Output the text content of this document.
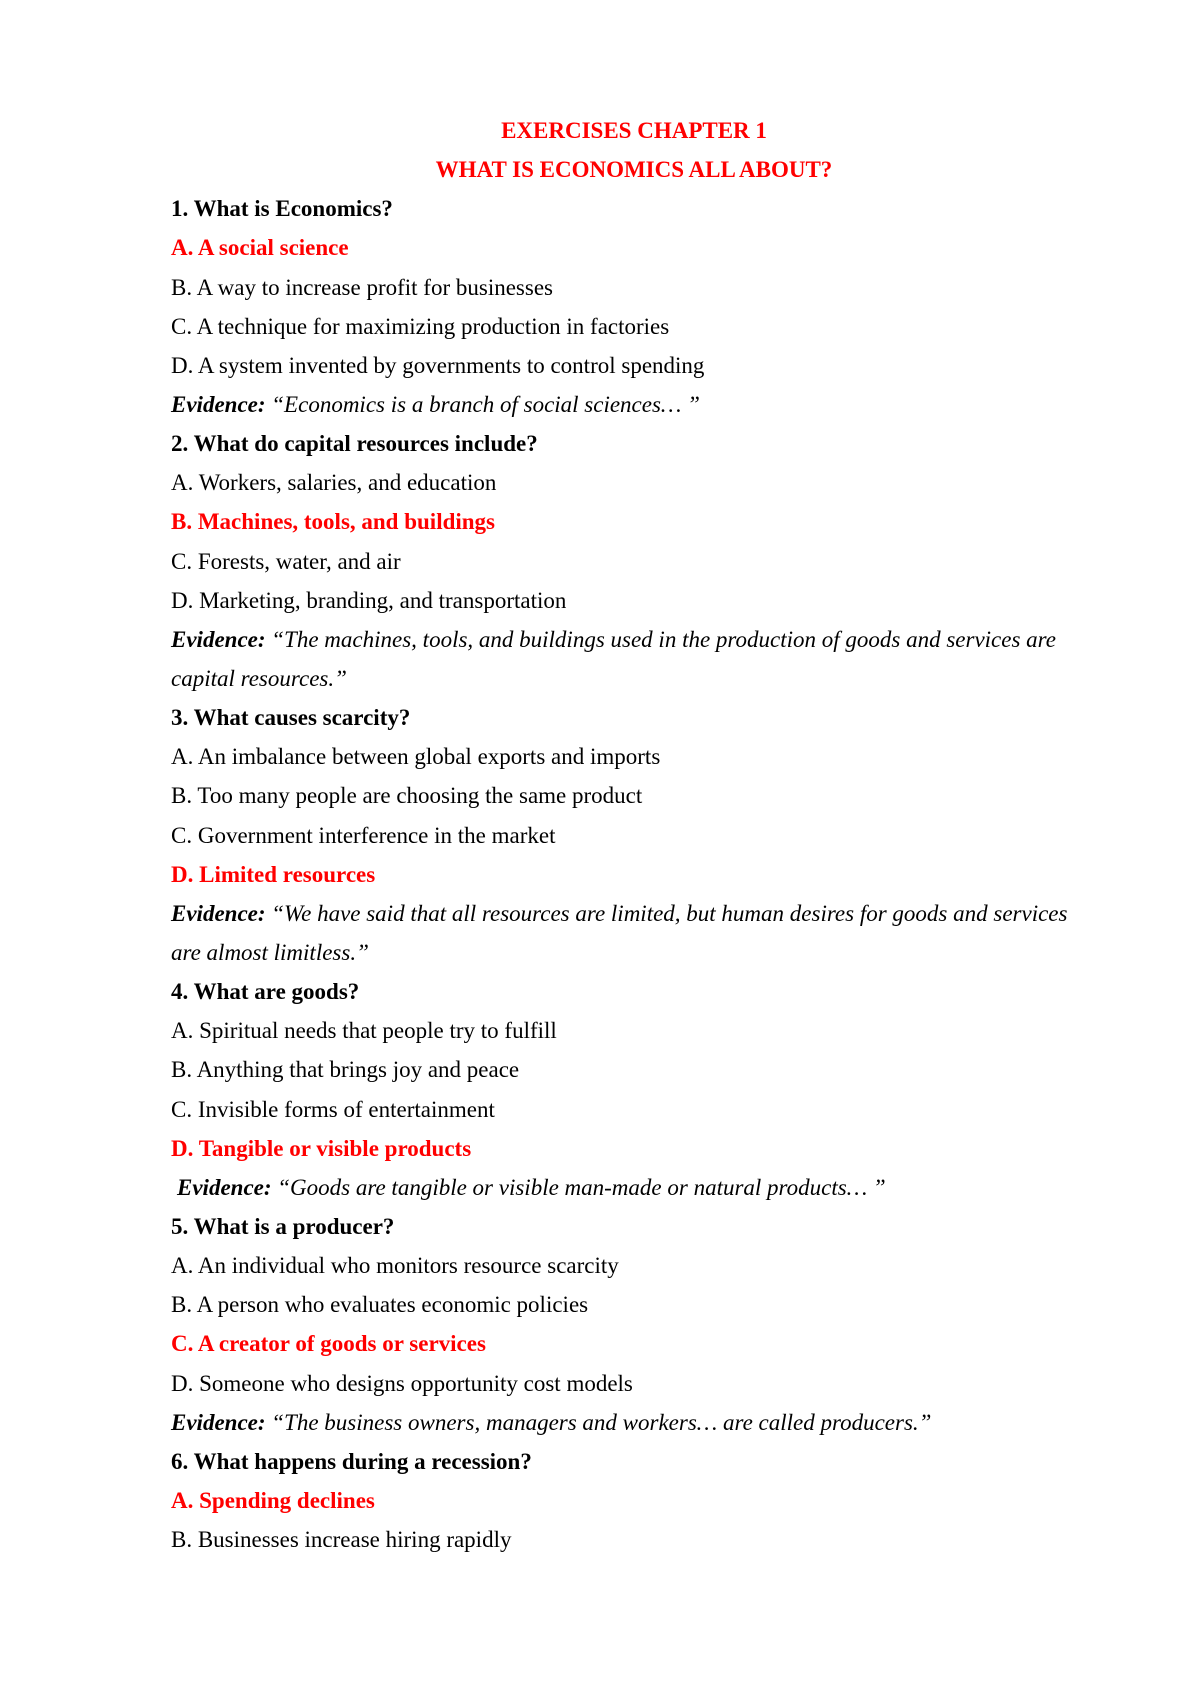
EXERCISES CHAPTER 1
WHAT IS ECONOMICS ALL ABOUT?
1. What is Economics?
A. A social science
B. A way to increase profit for businesses
C. A technique for maximizing production in factories
D. A system invented by governments to control spending
Evidence: “Economics is a branch of social sciences… ”
2. What do capital resources include?
A. Workers, salaries, and education
B. Machines, tools, and buildings
C. Forests, water, and air
D. Marketing, branding, and transportation
Evidence: “The machines, tools, and buildings used in the production of goods and services are capital resources.”
3. What causes scarcity?
A. An imbalance between global exports and imports
B. Too many people are choosing the same product
C. Government interference in the market
D. Limited resources
Evidence: “We have said that all resources are limited, but human desires for goods and services are almost limitless.”
4. What are goods?
A. Spiritual needs that people try to fulfill
B. Anything that brings joy and peace
C. Invisible forms of entertainment
D. Tangible or visible products
Evidence: “Goods are tangible or visible man-made or natural products… ”
5. What is a producer?
A. An individual who monitors resource scarcity
B. A person who evaluates economic policies
C. A creator of goods or services
D. Someone who designs opportunity cost models
Evidence: “The business owners, managers and workers… are called producers.”
6. What happens during a recession?
A. Spending declines
B. Businesses increase hiring rapidly
